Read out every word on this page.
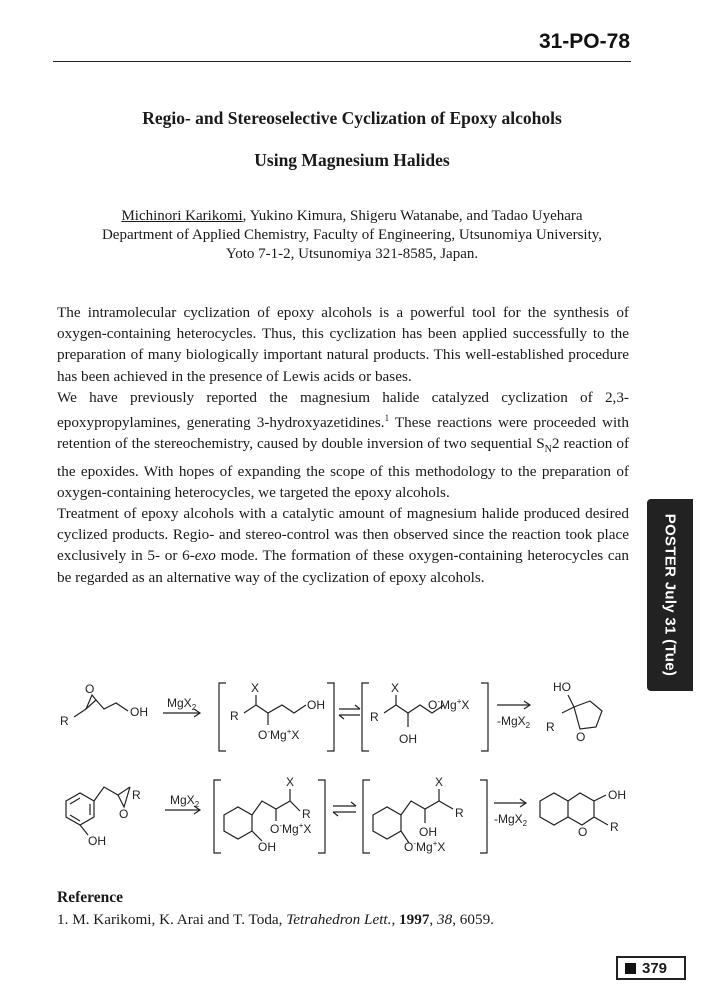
31-PO-78
Regio- and Stereoselective Cyclization of Epoxy alcohols
Using Magnesium Halides
Michinori Karikomi, Yukino Kimura, Shigeru Watanabe, and Tadao Uyehara
Department of Applied Chemistry, Faculty of Engineering, Utsunomiya University,
Yoto 7-1-2, Utsunomiya 321-8585, Japan.

The intramolecular cyclization of epoxy alcohols is a powerful tool for the synthesis of oxygen-containing heterocycles. Thus, this cyclization has been applied successfully to the preparation of many biologically important natural products. This well-established procedure has been achieved in the presence of Lewis acids or bases.

We have previously reported the magnesium halide catalyzed cyclization of 2,3-epoxypropylamines, generating 3-hydroxyazetidines.$^1$ These reactions were proceeded with retention of the stereochemistry, caused by double inversion of two sequential $S_N2$ reaction of the epoxides. With hopes of expanding the scope of this methodology to the preparation of oxygen-containing heterocycles, we targeted the epoxy alcohols.

Treatment of epoxy alcohols with a catalytic amount of magnesium halide produced desired cyclized products. Regio- and stereo-control was then observed since the reaction took place exclusively in 5- or 6-exo mode. The formation of these oxygen-containing heterocycles can be regarded as an alternative way of the cyclization of epoxy alcohols.	POSTER July 31 (Tue)
R
O
OH
MgX$_2$
X
R
OH
O-Mg+X
X
R
O-Mg+X
OH
-MgX$_2$
HO
R
O
R
O
OH
MgX$_2$
X
R
O-Mg+X
OH
X
R
OH
O-Mg+X
-MgX$_2$
OH
O R
Reference
1. M. Karikomi, K. Arai and T. Toda, Tetrahedron Lett., 1997, 38, 6059.
379
